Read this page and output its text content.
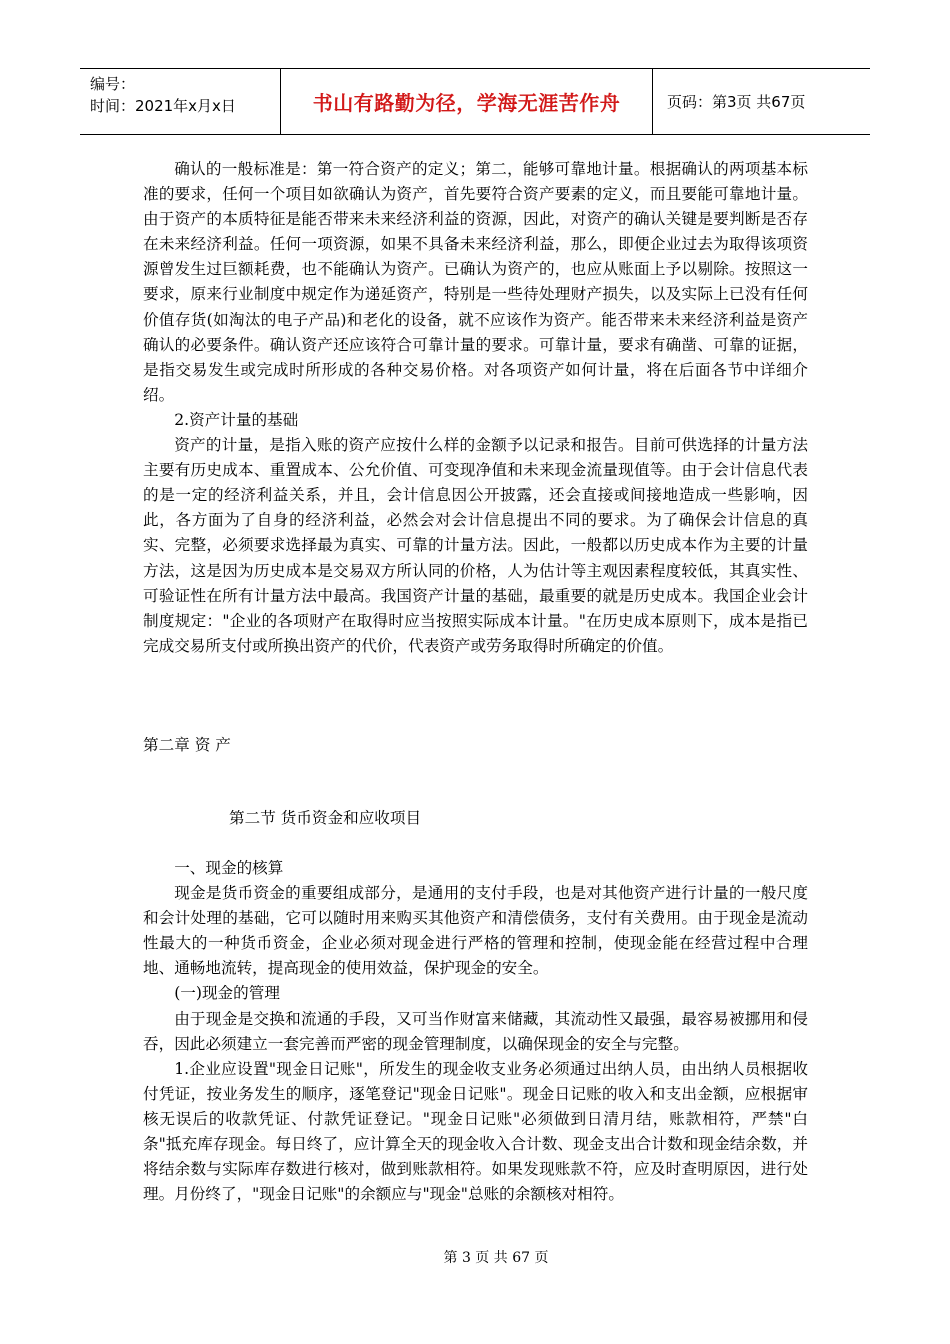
编号：
时间：2021年x月x日	书山有路勤为径，学海无涯苦作舟	页码：第3页 共67页

确认的一般标准是：第一符合资产的定义；第二，能够可靠地计量。根据确认的两项基本标准的要求，任何一个项目如欲确认为资产，首先要符合资产要素的定义，而且要能可靠地计量。由于资产的本质特征是能否带来未来经济利益的资源，因此，对资产的确认关键是要判断是否存在未来经济利益。任何一项资源，如果不具备未来经济利益，那么，即便企业过去为取得该项资源曾发生过巨额耗费，也不能确认为资产。已确认为资产的，也应从账面上予以剔除。按照这一要求，原来行业制度中规定作为递延资产，特别是一些待处理财产损失，以及实际上已没有任何价值存货(如淘汰的电子产品)和老化的设备，就不应该作为资产。能否带来未来经济利益是资产确认的必要条件。确认资产还应该符合可靠计量的要求。可靠计量，要求有确凿、可靠的证据，是指交易发生或完成时所形成的各种交易价格。对各项资产如何计量，将在后面各节中详细介绍。

2.资产计量的基础

资产的计量，是指入账的资产应按什么样的金额予以记录和报告。目前可供选择的计量方法主要有历史成本、重置成本、公允价值、可变现净值和未来现金流量现值等。由于会计信息代表的是一定的经济利益关系，并且，会计信息因公开披露，还会直接或间接地造成一些影响，因此，各方面为了自身的经济利益，必然会对会计信息提出不同的要求。为了确保会计信息的真实、完整，必须要求选择最为真实、可靠的计量方法。因此，一般都以历史成本作为主要的计量方法，这是因为历史成本是交易双方所认同的价格，人为估计等主观因素程度较低，其真实性、可验证性在所有计量方法中最高。我国资产计量的基础，最重要的就是历史成本。我国企业会计制度规定："企业的各项财产在取得时应当按照实际成本计量。"在历史成本原则下，成本是指已完成交易所支付或所换出资产的代价，代表资产或劳务取得时所确定的价值。

第二章 资 产
第二节 货币资金和应收项目

一、现金的核算

现金是货币资金的重要组成部分，是通用的支付手段，也是对其他资产进行计量的一般尺度和会计处理的基础，它可以随时用来购买其他资产和清偿债务，支付有关费用。由于现金是流动性最大的一种货币资金，企业必须对现金进行严格的管理和控制，使现金能在经营过程中合理地、通畅地流转，提高现金的使用效益，保护现金的安全。

(一)现金的管理

由于现金是交换和流通的手段，又可当作财富来储藏，其流动性又最强，最容易被挪用和侵吞，因此必须建立一套完善而严密的现金管理制度，以确保现金的安全与完整。

1.企业应设置"现金日记账"，所发生的现金收支业务必须通过出纳人员，由出纳人员根据收付凭证，按业务发生的顺序，逐笔登记"现金日记账"。现金日记账的收入和支出金额，应根据审核无误后的收款凭证、付款凭证登记。"现金日记账"必须做到日清月结，账款相符，严禁"白条"抵充库存现金。每日终了，应计算全天的现金收入合计数、现金支出合计数和现金结余数，并将结余数与实际库存数进行核对，做到账款相符。如果发现账款不符，应及时查明原因，进行处理。月份终了，"现金日记账"的余额应与"现金"总账的余额核对相符。

第 3 页 共 67 页
